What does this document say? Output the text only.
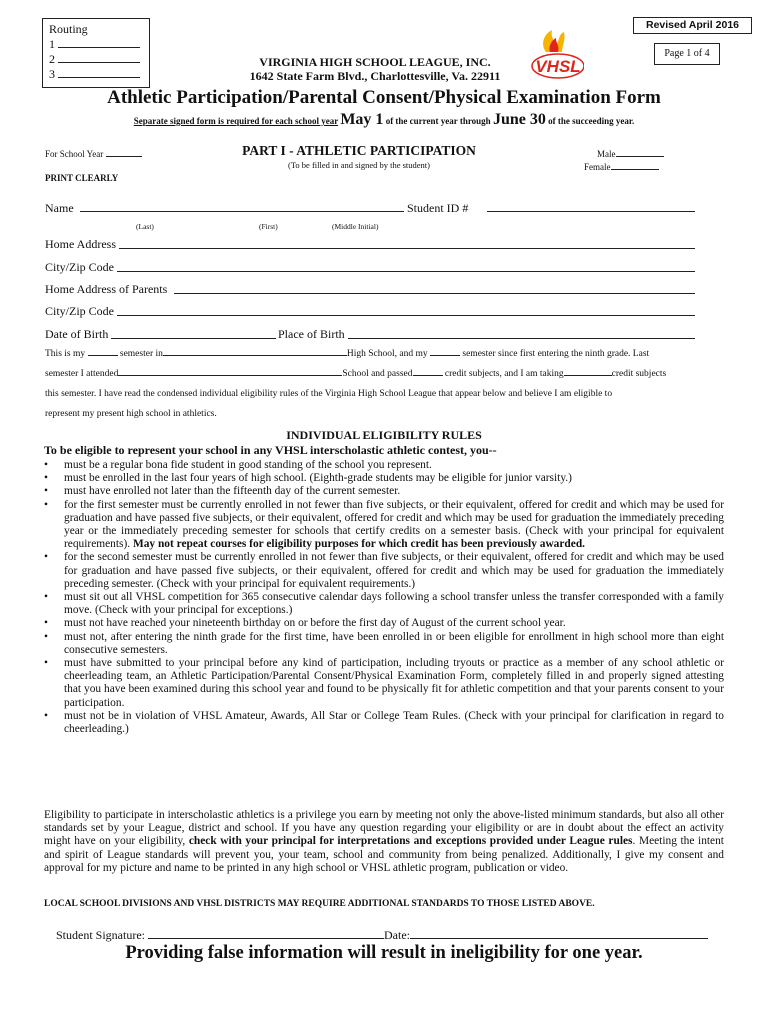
Routing
1
2
3
Revised April 2016
Page 1 of 4
VIRGINIA HIGH SCHOOL LEAGUE, INC.
1642 State Farm Blvd., Charlottesville, Va. 22911	VHSL
Athletic Participation/Parental Consent/Physical Examination Form
Separate signed form is required for each school year May 1 of the current year through June 30 of the succeeding year.
For School Year	PART I - ATHLETIC PARTICIPATION
(To be filled in and signed by the student)
Male
Female
PRINT CLEARLY
Name	Student ID #
(Last)	(First)	(Middle Initial)
Home Address
City/Zip Code
Home Address of Parents
City/Zip Code
Date of Birth	Place of Birth
This is my	semester in	High School, and my	semester since first entering the ninth grade. Last
semester I attended	School and passed	credit subjects, and I am taking	credit subjects
this semester. I have read the condensed individual eligibility rules of the Virginia High School League that appear below and believe I am eligible to
represent my present high school in athletics.
INDIVIDUAL ELIGIBILITY RULES
To be eligible to represent your school in any VHSL interscholastic athletic contest, you--
• must be a regular bona fide student in good standing of the school you represent.
• must be enrolled in the last four years of high school. (Eighth-grade students may be eligible for junior varsity.)
• must have enrolled not later than the fifteenth day of the current semester.
• for the first semester must be currently enrolled in not fewer than five subjects, or their equivalent, offered for credit and which may be used for graduation and have passed five subjects, or their equivalent, offered for credit and which may be used for graduation the immediately preceding year or the immediately preceding semester for schools that certify credits on a semester basis. (Check with your principal for equivalent requirements). May not repeat courses for eligibility purposes for which credit has been previously awarded.
• for the second semester must be currently enrolled in not fewer than five subjects, or their equivalent, offered for credit and which may be used for graduation and have passed five subjects, or their equivalent, offered for credit and which may be used for graduation the immediately preceding semester. (Check with your principal for equivalent requirements.)
• must sit out all VHSL competition for 365 consecutive calendar days following a school transfer unless the transfer corresponded with a family move. (Check with your principal for exceptions.)
• must not have reached your nineteenth birthday on or before the first day of August of the current school year.
• must not, after entering the ninth grade for the first time, have been enrolled in or been eligible for enrollment in high school more than eight consecutive semesters.
• must have submitted to your principal before any kind of participation, including tryouts or practice as a member of any school athletic or cheerleading team, an Athletic Participation/Parental Consent/Physical Examination Form, completely filled in and properly signed attesting that you have been examined during this school year and found to be physically fit for athletic competition and that your parents consent to your participation.
• must not be in violation of VHSL Amateur, Awards, All Star or College Team Rules. (Check with your principal for clarification in regard to cheerleading.)
Eligibility to participate in interscholastic athletics is a privilege you earn by meeting not only the above-listed minimum standards, but also all other standards set by your League, district and school. If you have any question regarding your eligibility or are in doubt about the effect an activity might have on your eligibility, check with your principal for interpretations and exceptions provided under League rules. Meeting the intent and spirit of League standards will prevent you, your team, school and community from being penalized. Additionally, I give my consent and approval for my picture and name to be printed in any high school or VHSL athletic program, publication or video.
LOCAL SCHOOL DIVISIONS AND VHSL DISTRICTS MAY REQUIRE ADDITIONAL STANDARDS TO THOSE LISTED ABOVE.
Student Signature:	Date:
Providing false information will result in ineligibility for one year.
